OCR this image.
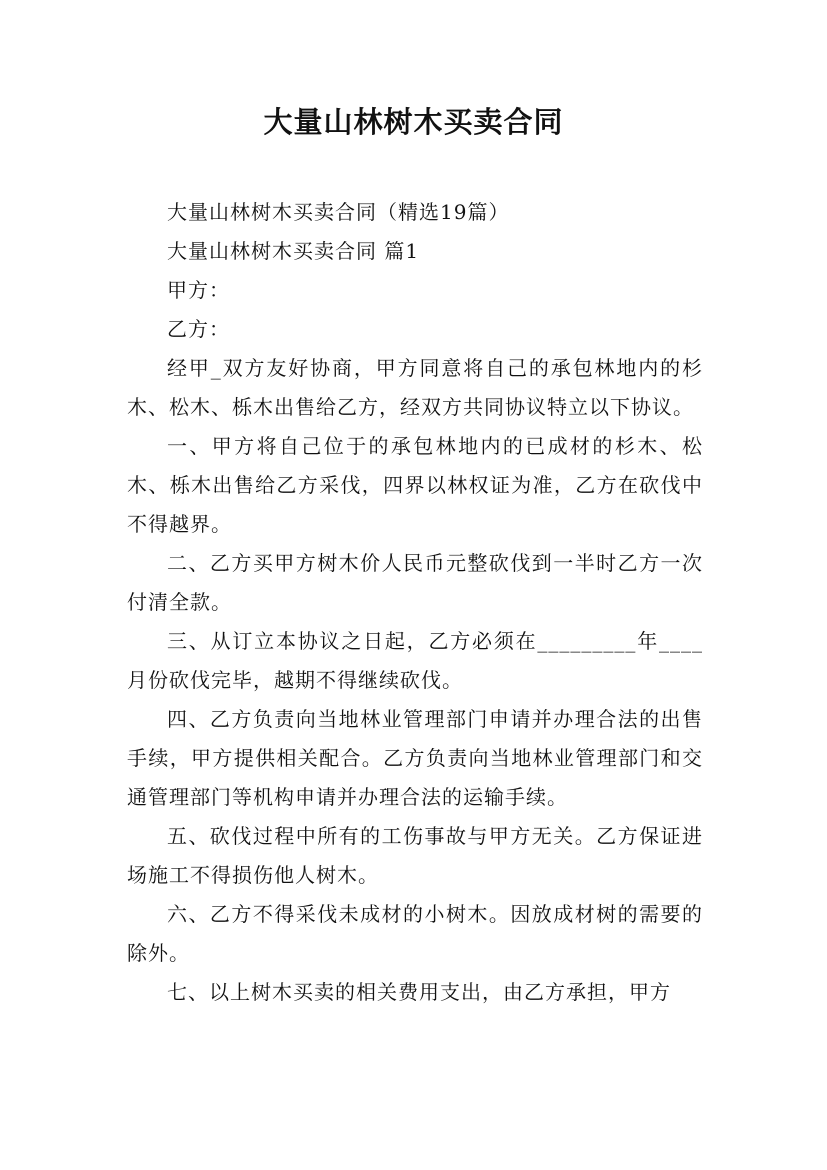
大量山林树木买卖合同

大量山林树木买卖合同（精选19篇）

大量山林树木买卖合同 篇1

甲方：

乙方：

经甲_双方友好协商，甲方同意将自己的承包林地内的杉木、松木、栎木出售给乙方，经双方共同协议特立以下协议。

一、甲方将自己位于的承包林地内的已成材的杉木、松木、栎木出售给乙方采伐，四界以林权证为准，乙方在砍伐中不得越界。

二、乙方买甲方树木价人民币元整砍伐到一半时乙方一次付清全款。

三、从订立本协议之日起，乙方必须在_________年____月份砍伐完毕，越期不得继续砍伐。

四、乙方负责向当地林业管理部门申请并办理合法的出售手续，甲方提供相关配合。乙方负责向当地林业管理部门和交通管理部门等机构申请并办理合法的运输手续。

五、砍伐过程中所有的工伤事故与甲方无关。乙方保证进场施工不得损伤他人树木。

六、乙方不得采伐未成材的小树木。因放成材树的需要的除外。

七、以上树木买卖的相关费用支出，由乙方承担，甲方
